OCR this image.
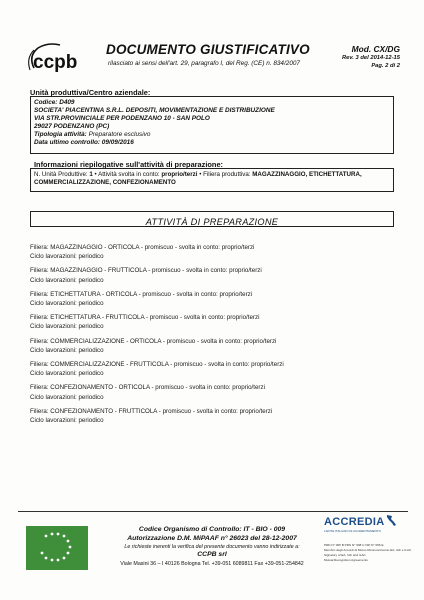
ccpb
DOCUMENTO GIUSTIFICATIVO
rilasciato ai sensi dell'art. 29, paragrafo I, del Reg. (CE) n. 834/2007
Mod. CX/DG
Rev. 3 del 2014-12-15
Pag. 2 di 2
Unità produttiva/Centro aziendale:
Codice: D409
SOCIETA' PIACENTINA S.R.L. DEPOSITI, MOVIMENTAZIONE E DISTRIBUZIONE
VIA STR.PROVINCIALE PER PODENZANO 10 - SAN POLO
29027 PODENZANO (PC)
Tipologia attività: Preparatore esclusivo
Data ultimo controllo: 09/09/2016
Informazioni riepilogative sull'attività di preparazione:
N. Unità Produttive: 1 • Attività svolta in conto: proprio/terzi • Filiera produttiva: MAGAZZINAGGIO, ETICHETTATURA,
COMMERCIALIZZAZIONE, CONFEZIONAMENTO
ATTIVITÀ DI PREPARAZIONE
Filiera: MAGAZZINAGGIO - ORTICOLA - promiscuo - svolta in conto: proprio/terzi
Ciclo lavorazioni: periodico
Filiera: MAGAZZINAGGIO - FRUTTICOLA - promiscuo - svolta in conto: proprio/terzi
Ciclo lavorazioni: periodico
Filiera: ETICHETTATURA - ORTICOLA - promiscuo - svolta in conto: proprio/terzi
Ciclo lavorazioni: periodico
Filiera: ETICHETTATURA - FRUTTICOLA - promiscuo - svolta in conto: proprio/terzi
Ciclo lavorazioni: periodico
Filiera: COMMERCIALIZZAZIONE - ORTICOLA - promiscuo - svolta in conto: proprio/terzi
Ciclo lavorazioni: periodico
Filiera: COMMERCIALIZZAZIONE - FRUTTICOLA - promiscuo - svolta in conto: proprio/terzi
Ciclo lavorazioni: periodico
Filiera: CONFEZIONAMENTO - ORTICOLA - promiscuo - svolta in conto: proprio/terzi
Ciclo lavorazioni: periodico
Filiera: CONFEZIONAMENTO - FRUTTICOLA - promiscuo - svolta in conto: proprio/terzi
Ciclo lavorazioni: periodico
Codice Organismo di Controllo: IT - BIO - 009
Autorizzazione D.M. MiPAAF n° 26023 del 28-12-2007
Le richieste inerenti la verifica del presente documento vanno indirizzate a:
CCPB srl
Viale Masini 36 – I 40126 Bologna Tel. +39-051 6089811 Fax +39-051-254842
ACCREDIA
L'ENTE ITALIANO DI ACCREDITAMENTO
PRD N° 005 B PRS N° 098 C ISP N° 066 E
Membro degli Accordi di Mutuo Riconoscimento EA, IAF e ILAC
Signatory of EA, IAF and ILAC
Mutual Recognition Agreements
